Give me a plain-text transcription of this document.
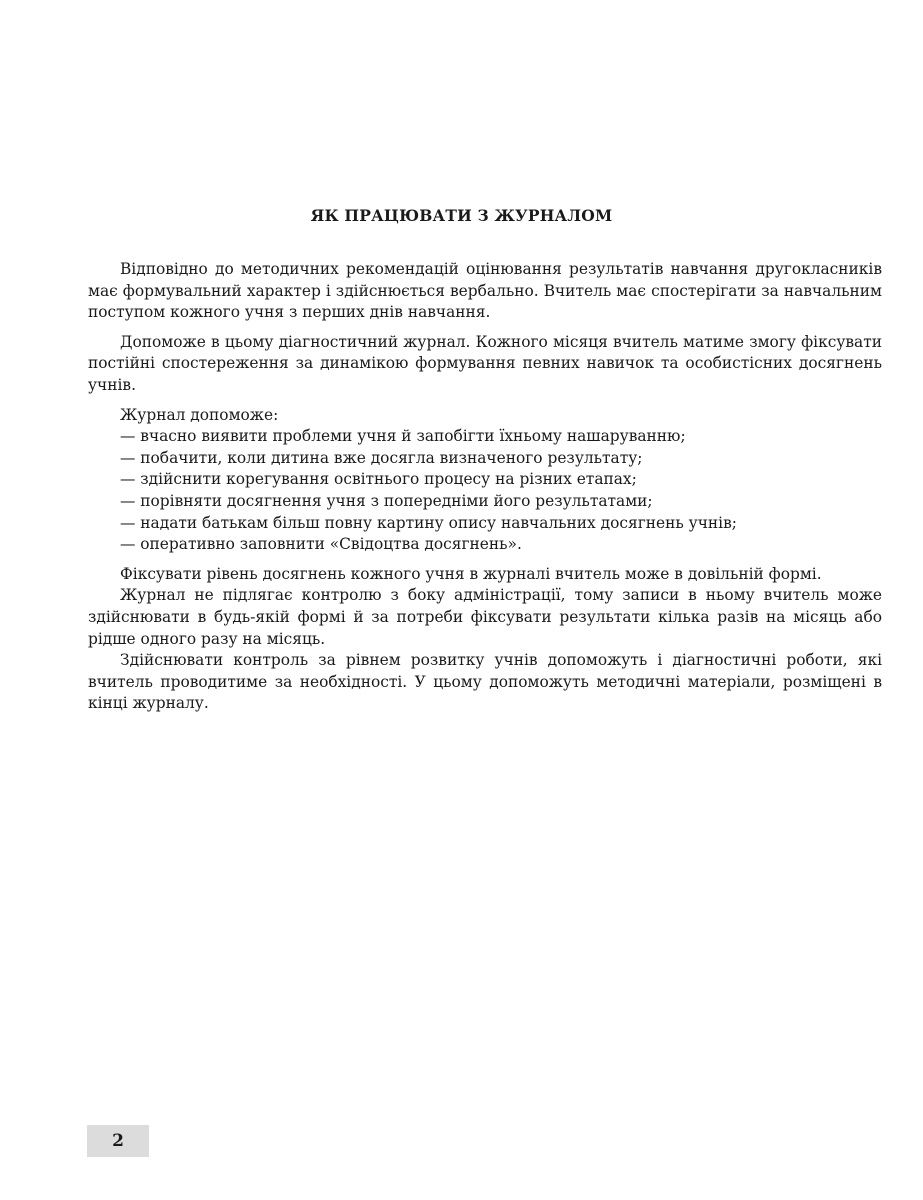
ЯК ПРАЦЮВАТИ З ЖУРНАЛОМ

Відповідно до методичних рекомендацій оцінювання результатів навчання другокласників має формувальний характер і здійснюється вербально. Вчитель має спостерігати за навчальним поступом кожного учня з перших днів навчання.

Допоможе в цьому діагностичний журнал. Кожного місяця вчитель матиме змогу фіксувати постійні спостереження за динамікою формування певних навичок та особистісних досягнень учнів.

Журнал допоможе:

— вчасно виявити проблеми учня й запобігти їхньому нашаруванню;
— побачити, коли дитина вже досягла визначеного результату;
— здійснити корегування освітнього процесу на різних етапах;
— порівняти досягнення учня з попередніми його результатами;
— надати батькам більш повну картину опису навчальних досягнень учнів;
— оперативно заповнити «Свідоцтва досягнень».

Фіксувати рівень досягнень кожного учня в журналі вчитель може в довільній формі.

Журнал не підлягає контролю з боку адміністрації, тому записи в ньому вчитель може здійснювати в будь-якій формі й за потреби фіксувати результати кілька разів на місяць або рідше одного разу на місяць.

Здійснювати контроль за рівнем розвитку учнів допоможуть і діагностичні роботи, які вчитель проводитиме за необхідності. У цьому допоможуть методичні матеріали, розміщені в кінці журналу.

2
